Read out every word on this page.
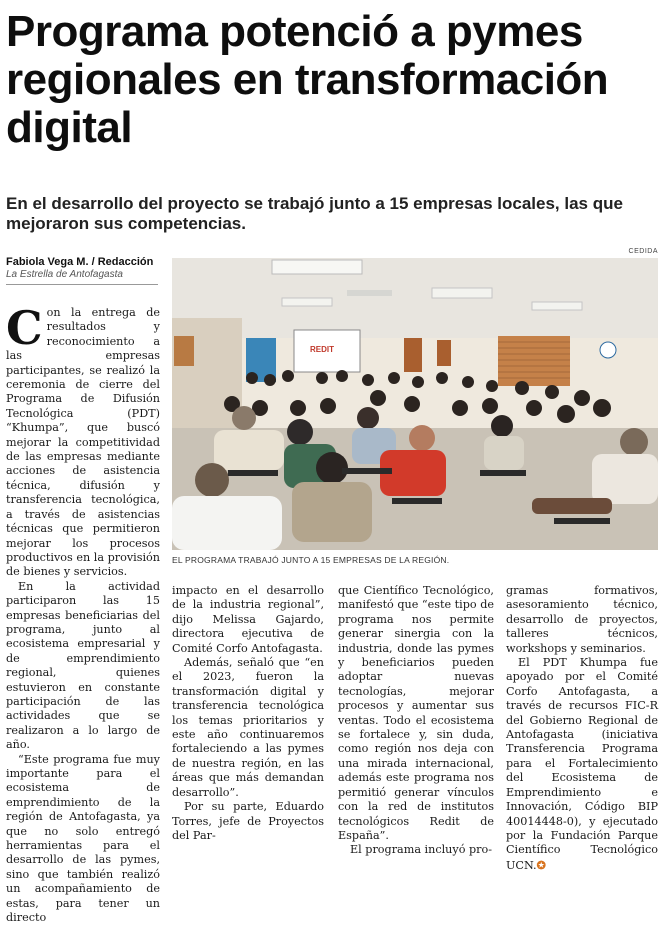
Programa potenció a pymes regionales en transformación digital

En el desarrollo del proyecto se trabajó junto a 15 empresas locales, las que mejoraron sus competencias.

Fabiola Vega M. / Redacción
La Estrella de Antofagasta
CEDIDA
REDIT
EL PROGRAMA TRABAJÓ JUNTO A 15 EMPRESAS DE LA REGIÓN.

Con la entrega de resultados y reconocimiento a las empresas participantes, se realizó la ceremonia de cierre del Programa de Difusión Tecnológica (PDT) “Khumpa”, que buscó mejorar la competitividad de las empresas mediante acciones de asistencia técnica, difusión y transferencia tecnológica, a través de asistencias técnicas que permitieron mejorar los procesos productivos en la provisión de bienes y servicios.

En la actividad participaron las 15 empresas beneficiarias del programa, junto al ecosistema empresarial y de emprendimiento regional, quienes estuvieron en constante participación de las actividades que se realizaron a lo largo de año.

“Este programa fue muy importante para el ecosistema de emprendimiento de la región de Antofagasta, ya que no solo entregó herramientas para el desarrollo de las pymes, sino que también realizó un acompañamiento de estas, para tener un directo

impacto en el desarrollo de la industria regional”, dijo Melissa Gajardo, directora ejecutiva de Comité Corfo Antofagasta.

Además, señaló que “en el 2023, fueron la transformación digital y transferencia tecnológica los temas prioritarios y este año continuaremos fortaleciendo a las pymes de nuestra región, en las áreas que más demandan desarrollo”.

Por su parte, Eduardo Torres, jefe de Proyectos del Par-

que Científico Tecnológico, manifestó que “este tipo de programa nos permite generar sinergia con la industria, donde las pymes y beneficiarios pueden adoptar nuevas tecnologías, mejorar procesos y aumentar sus ventas. Todo el ecosistema se fortalece y, sin duda, como región nos deja con una mirada internacional, además este programa nos permitió generar vínculos con la red de institutos tecnológicos Redit de España”.

El programa incluyó pro-

gramas formativos, asesoramiento técnico, desarrollo de proyectos, talleres técnicos, workshops y seminarios.

El PDT Khumpa fue apoyado por el Comité Corfo Antofagasta, a través de recursos FIC-R del Gobierno Regional de Antofagasta (iniciativa Transferencia Programa para el Fortalecimiento del Ecosistema de Emprendimiento e Innovación, Código BIP 40014448-0), y ejecutado por la Fundación Parque Científico Tecnológico UCN.✪
